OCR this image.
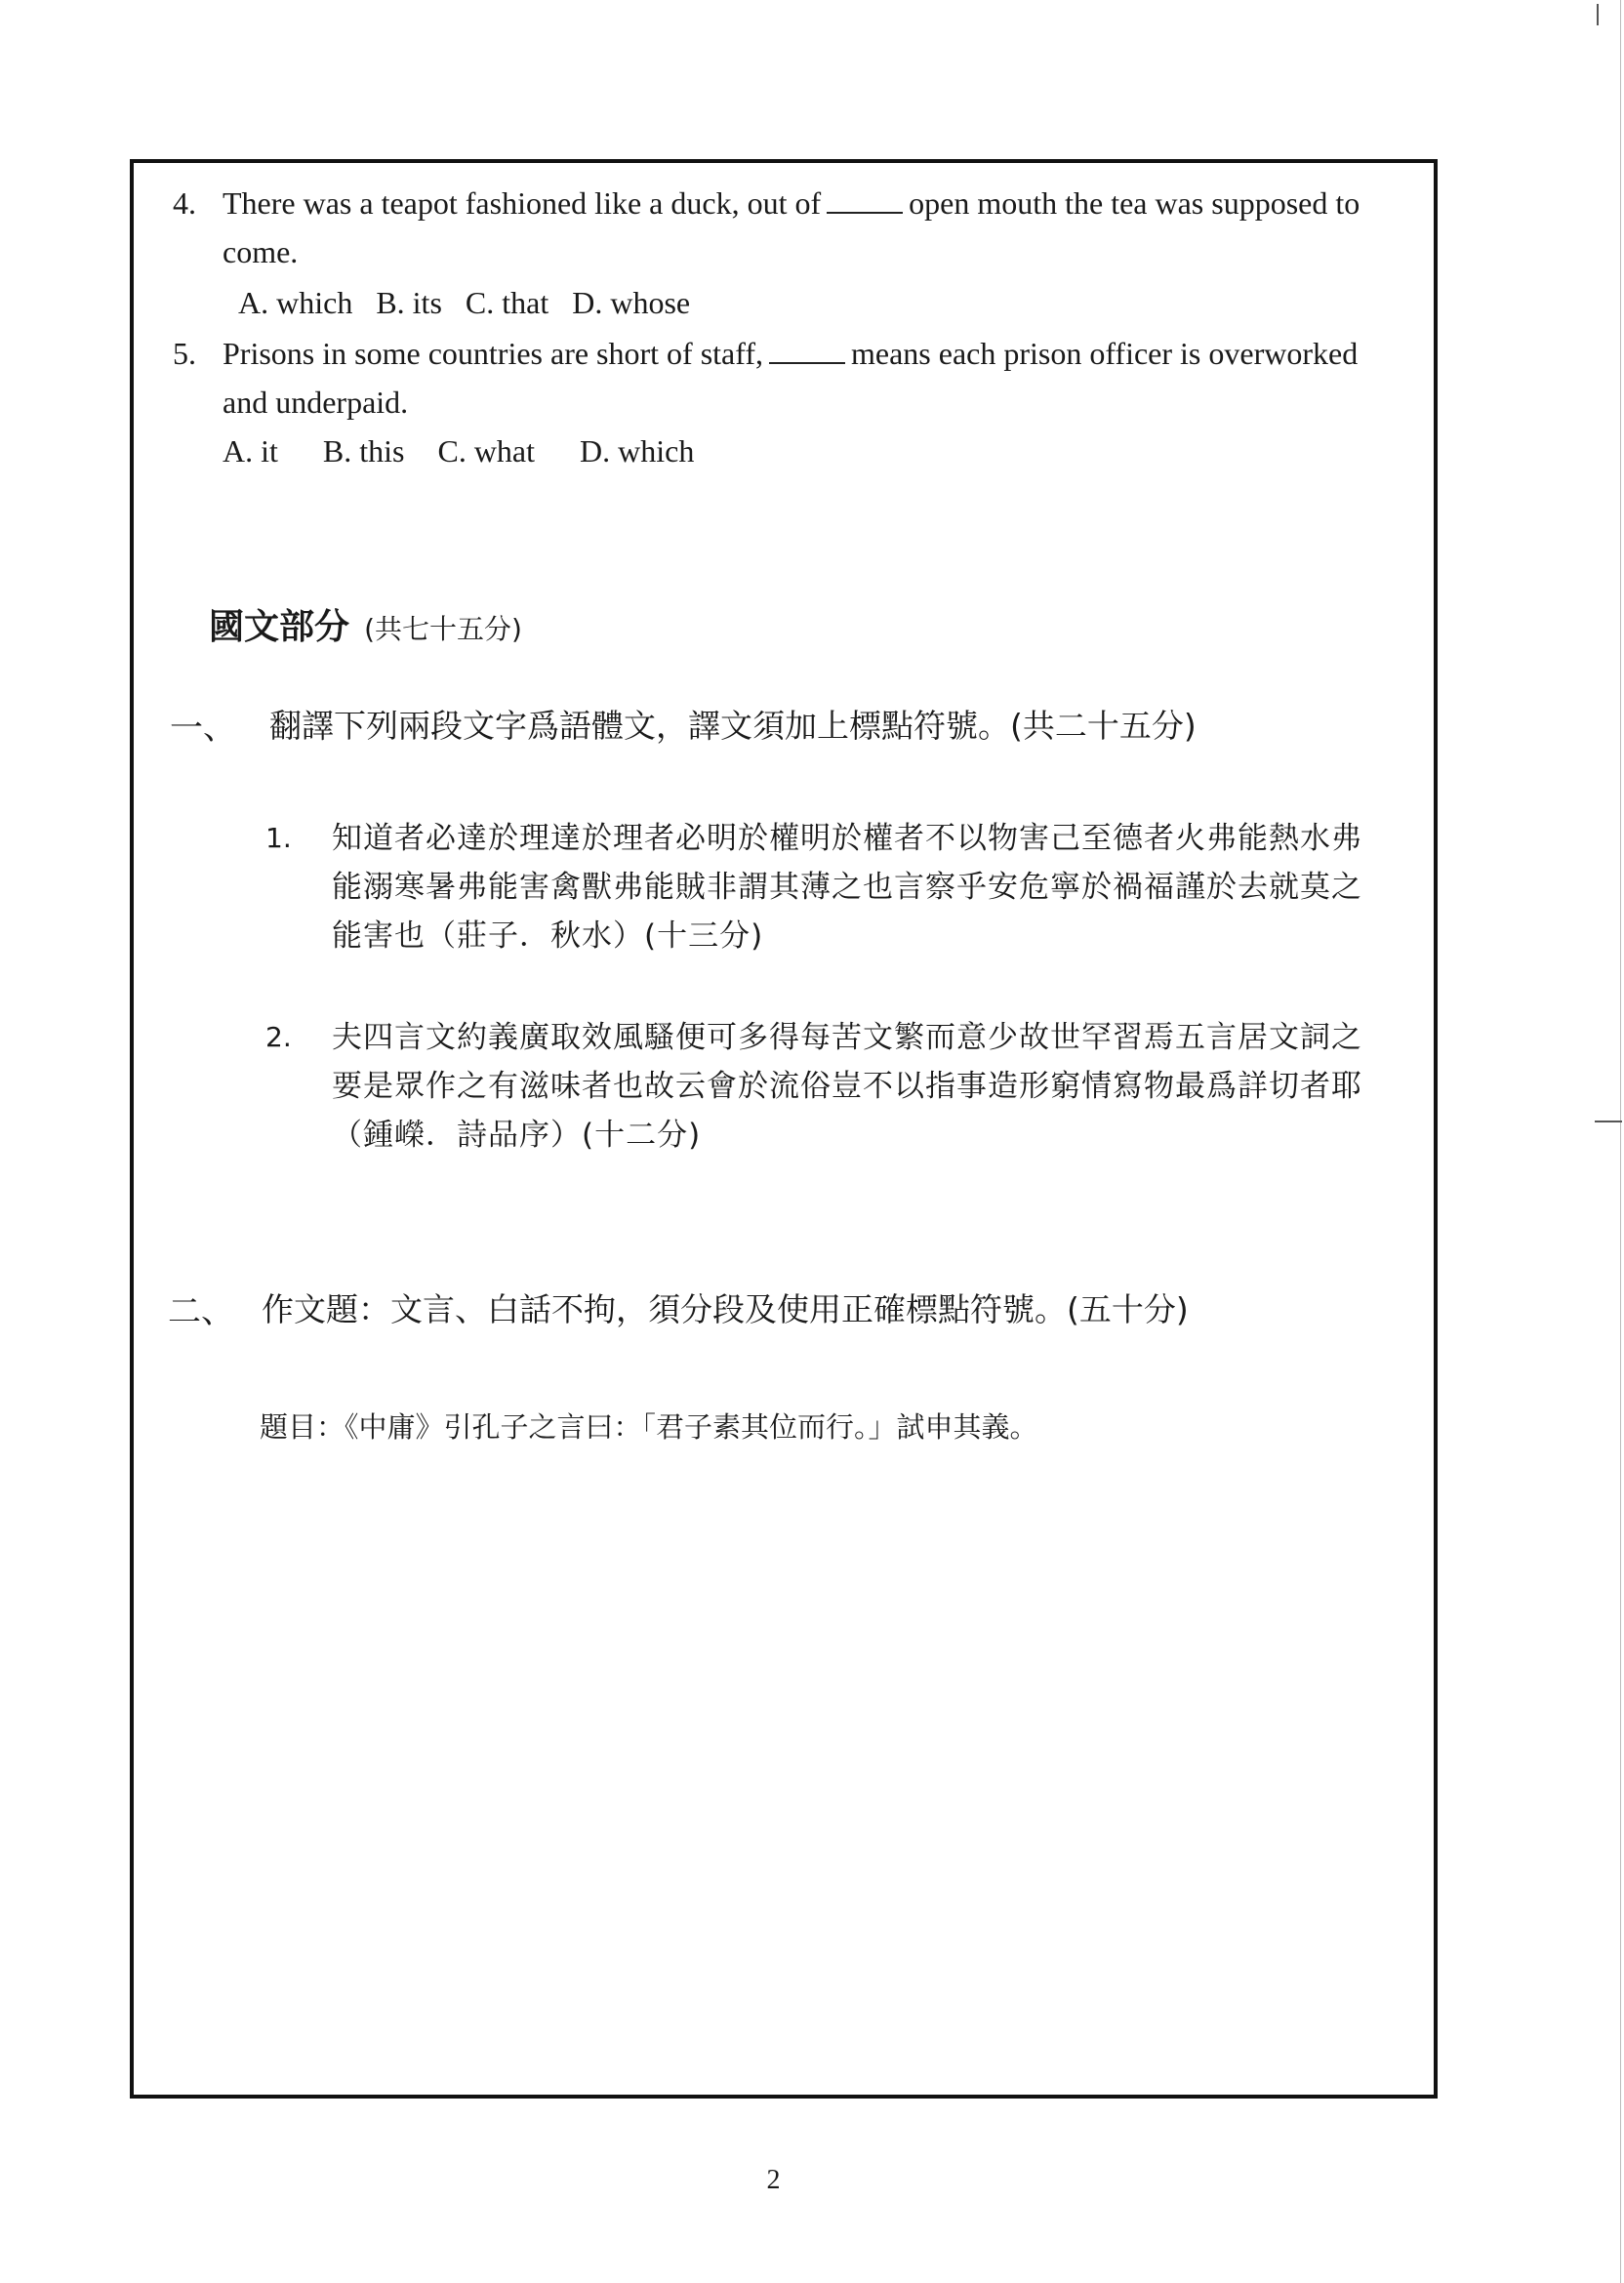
4. There was a teapot fashioned like a duck, out of	open mouth the tea was supposed to
come.
A. which B. its C. that D. whose
5. Prisons in some countries are short of staff,	means each prison officer is overworked
and underpaid.
A. it B. this C. what D. which
國文部分 (共七十五分)
一、 翻譯下列兩段文字爲語體文，譯文須加上標點符號。(共二十五分)
1. 知道者必達於理達於理者必明於權明於權者不以物害己至德者火弗能熱水弗
能溺寒暑弗能害禽獸弗能賊非謂其薄之也言察乎安危寧於禍福謹於去就莫之
能害也（莊子．秋水）(十三分)
2. 夫四言文約義廣取效風騷便可多得每苦文繁而意少故世罕習焉五言居文詞之
要是眾作之有滋味者也故云會於流俗豈不以指事造形窮情寫物最爲詳切者耶
（鍾嶸．詩品序）(十二分)
二、 作文題：文言、白話不拘，須分段及使用正確標點符號。(五十分)
題目：《中庸》引孔子之言曰：「君子素其位而行。」試申其義。
2
